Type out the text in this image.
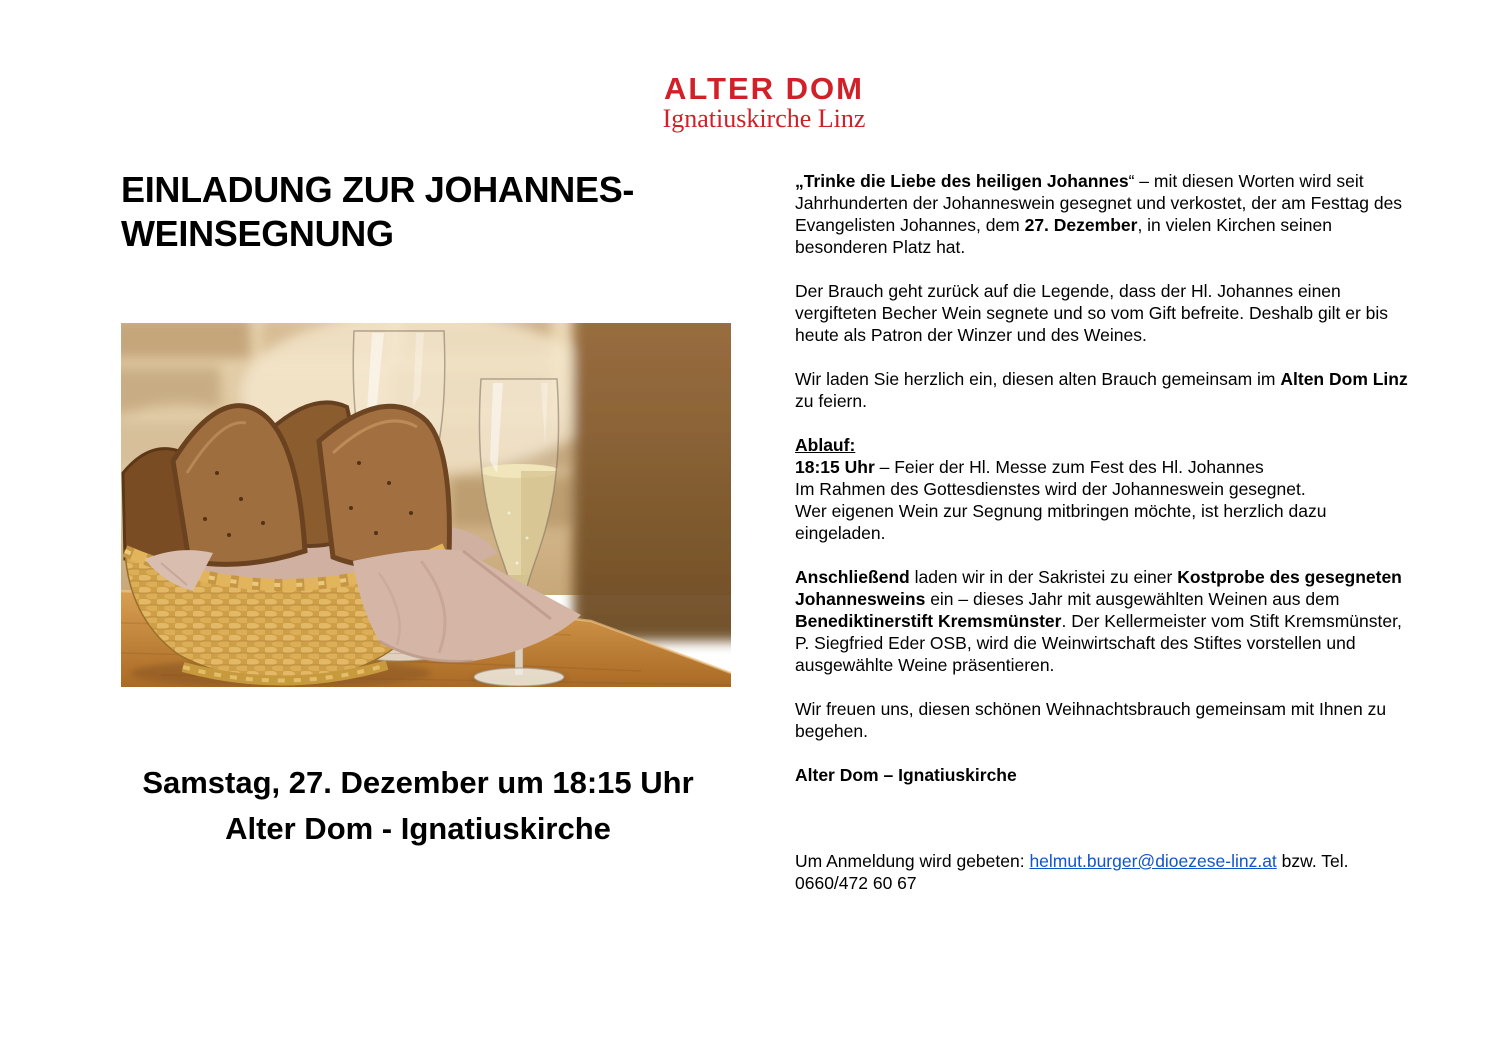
ALTER DOM
Ignatiuskirche Linz
EINLADUNG ZUR JOHANNES-
WEINSEGNUNG
Samstag, 27. Dezember um 18:15 Uhr
Alter Dom - Ignatiuskirche

„Trinke die Liebe des heiligen Johannes“ – mit diesen Worten wird seit Jahrhunderten der Johanneswein gesegnet und verkostet, der am Festtag des Evangelisten Johannes, dem 27. Dezember, in vielen Kirchen seinen besonderen Platz hat.

Der Brauch geht zurück auf die Legende, dass der Hl. Johannes einen vergifteten Becher Wein segnete und so vom Gift befreite. Deshalb gilt er bis heute als Patron der Winzer und des Weines.

Wir laden Sie herzlich ein, diesen alten Brauch gemeinsam im Alten Dom Linz zu feiern.

Ablauf:

18:15 Uhr – Feier der Hl. Messe zum Fest des Hl. Johannes

Im Rahmen des Gottesdienstes wird der Johanneswein gesegnet.

Wer eigenen Wein zur Segnung mitbringen möchte, ist herzlich dazu eingeladen.

Anschließend laden wir in der Sakristei zu einer Kostprobe des gesegneten Johannesweins ein – dieses Jahr mit ausgewählten Weinen aus dem Benediktinerstift Kremsmünster. Der Kellermeister vom Stift Kremsmünster, P. Siegfried Eder OSB, wird die Weinwirtschaft des Stiftes vorstellen und ausgewählte Weine präsentieren.

Wir freuen uns, diesen schönen Weihnachtsbrauch gemeinsam mit Ihnen zu begehen.

Alter Dom – Ignatiuskirche

Um Anmeldung wird gebeten: helmut.burger@dioezese-linz.at bzw. Tel. 0660/472 60 67
